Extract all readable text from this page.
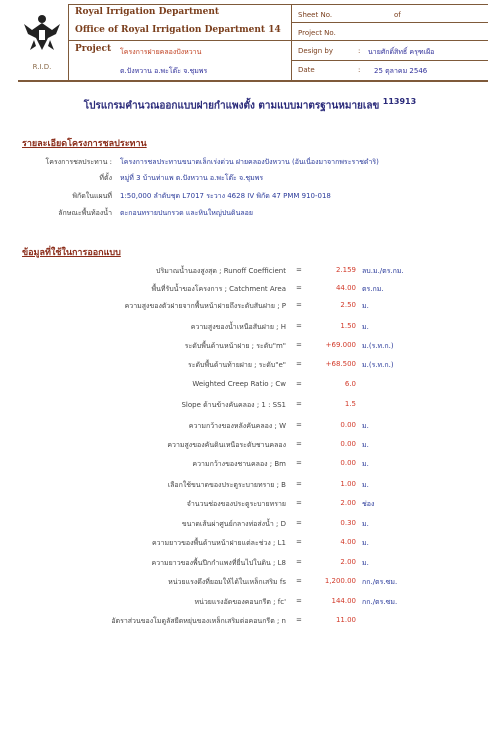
R.I.D.
Royal Irrigation Department
Office of Royal Irrigation Department 14
Project โครงการฝายคลองปังหวาน
ต.ปังหวาน อ.พะโต๊ะ จ.ชุมพร
Sheet No.	of
Project No.
Design by	: นายศักดิ์สิทธิ์ ครุฑเผือ
Date	: 25 ตุลาคม 2546
โปรแกรมคำนวณออกแบบฝายกำแพงตั้ง ตามแบบมาตรฐานหมายเลข $^{113913}$
รายละเอียดโครงการชลประทาน
โครงการชลประทาน : โครงการชลประทานขนาดเล็กเร่งด่วน ฝายคลองปังหวาน (อันเนื่องมาจากพระราชดำริ)
ที่ตั้ง หมู่ที่ 3 บ้านท่าแพ ต.ปังหวาน อ.พะโต๊ะ จ.ชุมพร
พิกัดในแผนที่ 1:50,000 ลำดับชุด L7017 ระวาง 4628 IV พิกัด 47 PMM 910-018
ลักษณะพื้นท้องน้ำ ตะกอนทรายปนกรวด และหินใหญ่ปนดินลอย
ข้อมูลที่ใช้ในการออกแบบ
ปริมาณน้ำนองสูงสุด ; Runoff Coefficient =	2.159 ลบ.ม./ตร.กม.
พื้นที่รับน้ำของโครงการ ; Catchment Area =	44.00 ตร.กม.
ความสูงของตัวฝายจากพื้นหน้าฝายถึงระดับสันฝาย ; P =	2.50 ม.
ความสูงของน้ำเหนือสันฝาย ; H =	1.50 ม.
ระดับพื้นด้านหน้าฝาย ; ระดับ"m" =	+69.000 ม.(ร.ท.ก.)
ระดับพื้นด้านท้ายฝาย ; ระดับ"e" =	+68.500 ม.(ร.ท.ก.)
Weighted Creep Ratio ; Cw =	6.0
Slope ด้านข้างคันคลอง ; 1 : SS1 =	1.5
ความกว้างของหลังคันคลอง ; W =	0.00 ม.
ความสูงของคันดินเหนือระดับชานคลอง =	0.00 ม.
ความกว้างของชานคลอง ; Bm =	0.00 ม.
เลือกใช้ขนาดของประตูระบายทราย ; B =	1.00 ม.
จำนวนช่องของประตูระบายทราย =	2.00 ช่อง
ขนาดเส้นผ่าศูนย์กลางท่อส่งน้ำ ; D =	0.30 ม.
ความยาวของพื้นด้านหน้าฝายแต่ละช่วง ; L1 =	4.00 ม.
ความยาวของพื้นปีกกำแพงที่ยื่นไปในดิน ; L8 =	2.00 ม.
หน่วยแรงดึงที่ยอมให้ได้ในเหล็กเสริม fs =	1,200.00 กก./ตร.ซม.
หน่วยแรงอัดของคอนกรีต ; fc' =	144.00 กก./ตร.ซม.
อัตราส่วนของโมดูลัสยืดหยุ่นของเหล็กเสริมต่อคอนกรีต ; n =	11.00
